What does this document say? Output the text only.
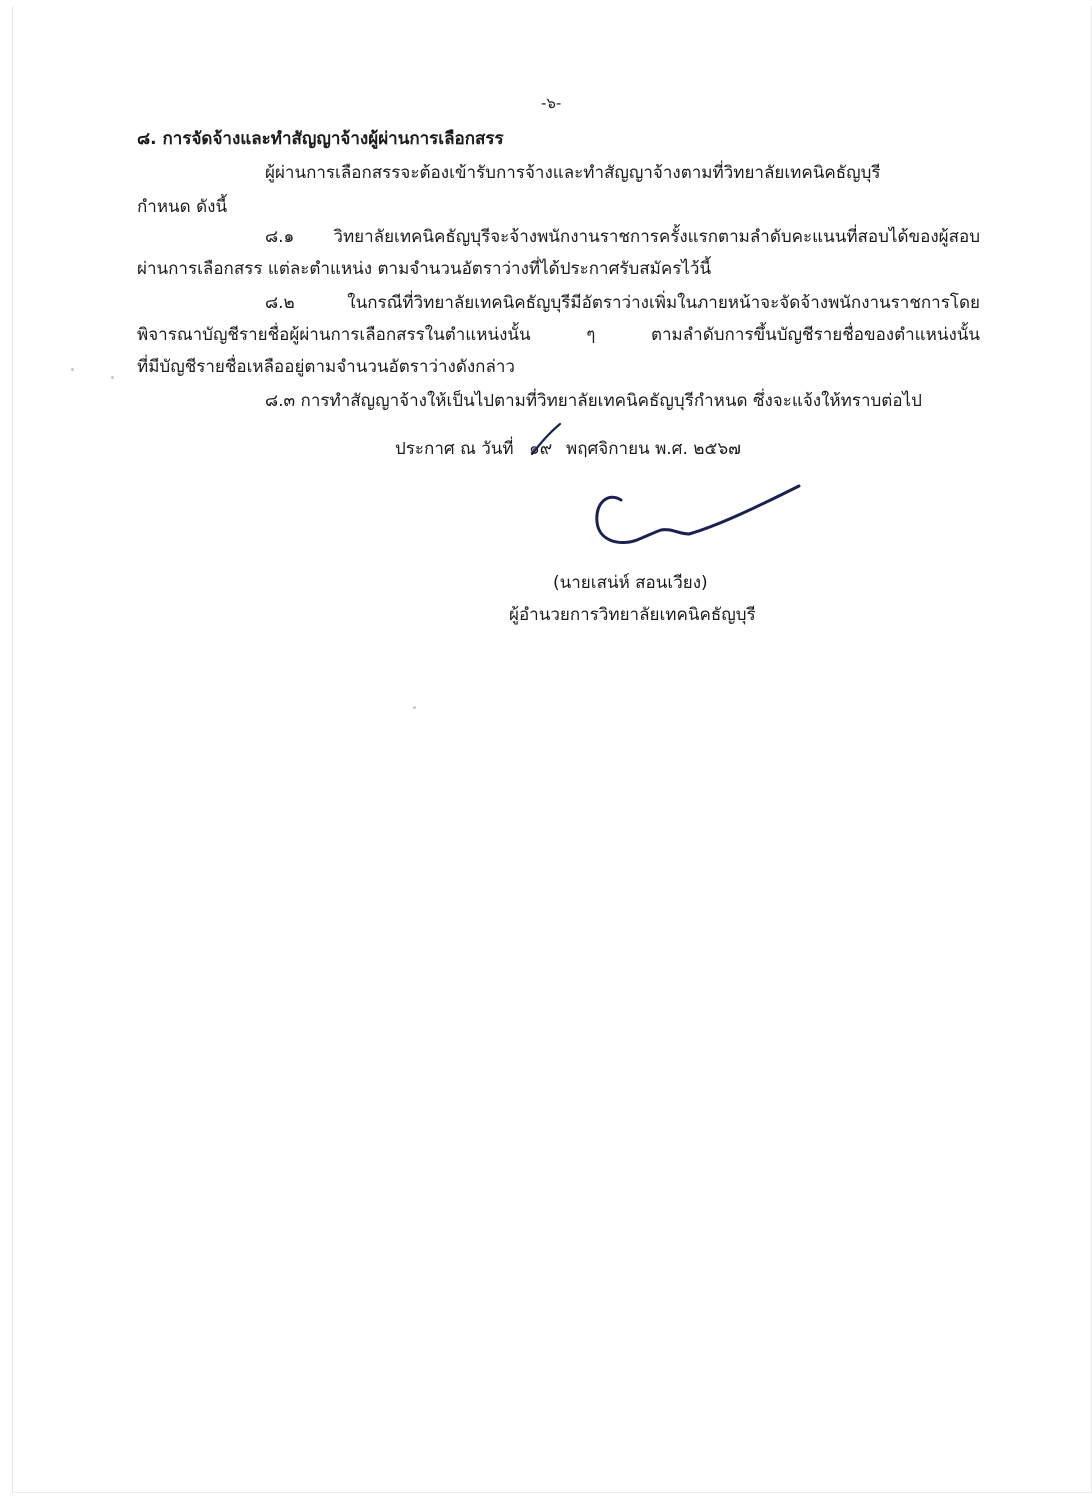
-๖-
๘. การจัดจ้างและทำสัญญาจ้างผู้ผ่านการเลือกสรร
ผู้ผ่านการเลือกสรรจะต้องเข้ารับการจ้างและทำสัญญาจ้างตามที่วิทยาลัยเทคนิคธัญบุรี
กำหนด ดังนี้
๘.๑ วิทยาลัยเทคนิคธัญบุรีจะจ้างพนักงานราชการครั้งแรกตามลำดับคะแนนที่สอบได้ของผู้สอบ
ผ่านการเลือกสรร แต่ละตำแหน่ง ตามจำนวนอัตราว่างที่ได้ประกาศรับสมัครไว้นี้
๘.๒ ในกรณีที่วิทยาลัยเทคนิคธัญบุรีมีอัตราว่างเพิ่มในภายหน้าจะจัดจ้างพนักงานราชการโดย
พิจารณาบัญชีรายชื่อผู้ผ่านการเลือกสรรในตำแหน่งนั้น ๆ ตามลำดับการขึ้นบัญชีรายชื่อของตำแหน่งนั้น
ที่มีบัญชีรายชื่อเหลืออยู่ตามจำนวนอัตราว่างดังกล่าว
๘.๓ การทำสัญญาจ้างให้เป็นไปตามที่วิทยาลัยเทคนิคธัญบุรีกำหนด ซึ่งจะแจ้งให้ทราบต่อไป
ประกาศ ณ วันที่ ๑๙ พฤศจิกายน พ.ศ. ๒๕๖๗
(นายเสน่ห์ สอนเวียง)
ผู้อำนวยการวิทยาลัยเทคนิคธัญบุรี
